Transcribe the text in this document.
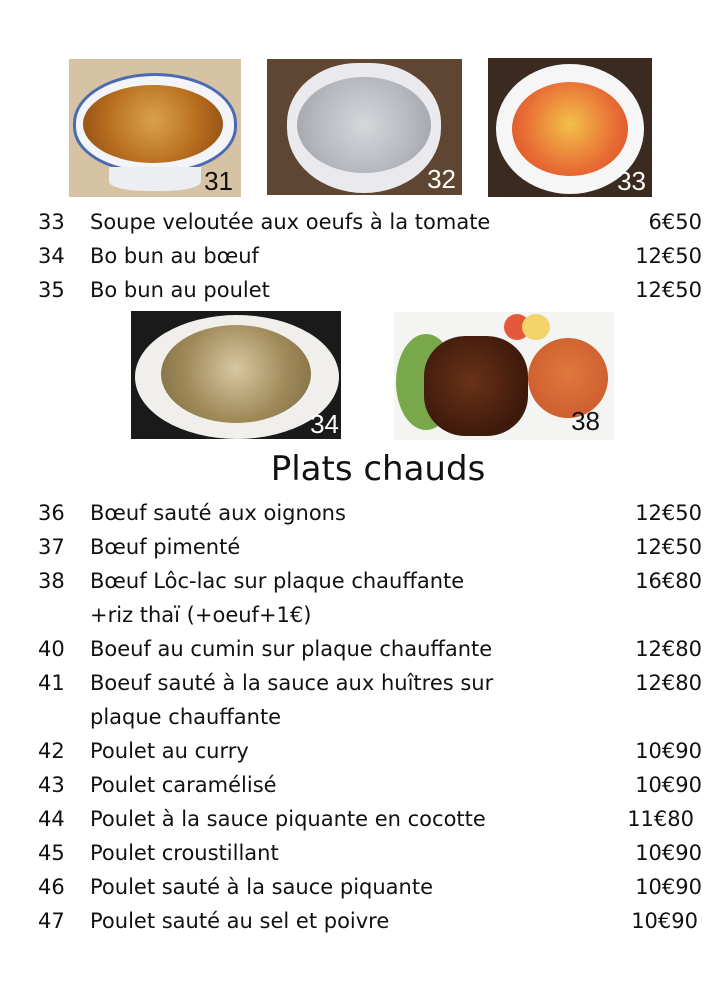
31	32	33
33 Soupe veloutée aux oeufs à la tomate	6€50
34 Bo bun au bœuf	12€50
35 Bo bun au poulet	12€50
34	38
Plats chauds
36 Bœuf sauté aux oignons	12€50
37 Bœuf pimenté	12€50
38 Bœuf Lôc-lac sur plaque chauffante	16€80
+riz thaï (+oeuf+1€)
40 Boeuf au cumin sur plaque chauffante	12€80
41 Boeuf sauté à la sauce aux huîtres sur	12€80
plaque chauffante
42 Poulet au curry	10€90
43 Poulet caramélisé	10€90
44 Poulet à la sauce piquante en cocotte	11€80
45 Poulet croustillant	10€90
46 Poulet sauté à la sauce piquante	10€90
47 Poulet sauté au sel et poivre	10€90
